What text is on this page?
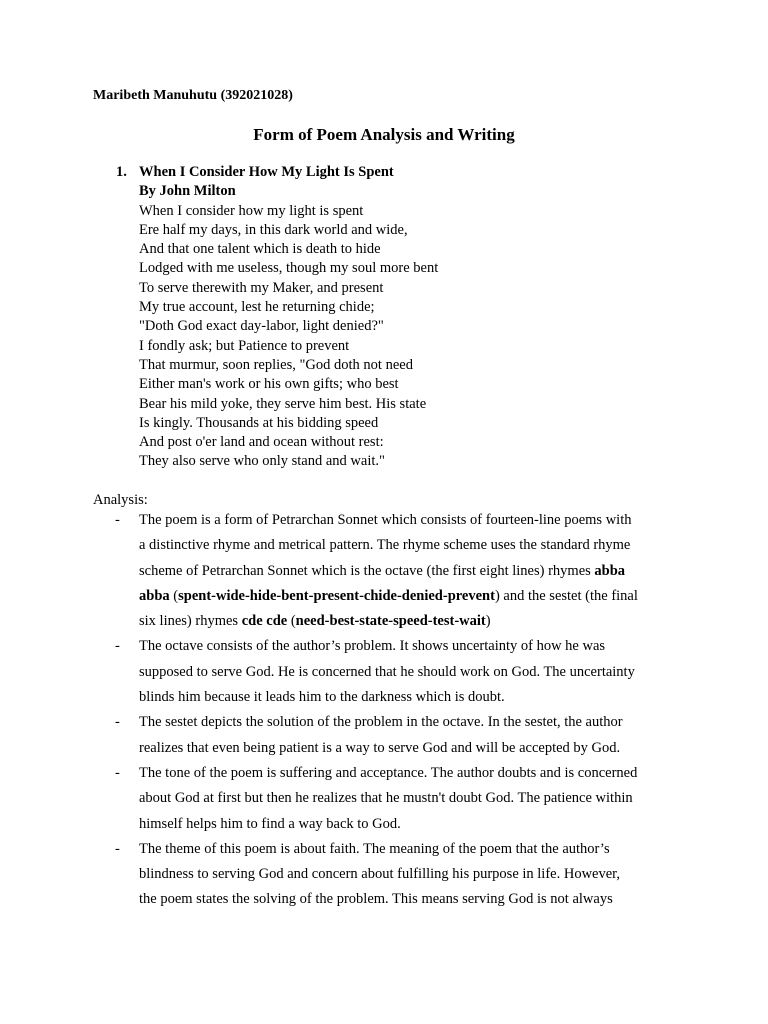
Maribeth Manuhutu (392021028)
Form of Poem Analysis and Writing
1. When I Consider How My Light Is Spent
By John Milton
When I consider how my light is spent
Ere half my days, in this dark world and wide,
And that one talent which is death to hide
Lodged with me useless, though my soul more bent
To serve therewith my Maker, and present
My true account, lest he returning chide;
"Doth God exact day-labor, light denied?"
I fondly ask; but Patience to prevent
That murmur, soon replies, "God doth not need
Either man's work or his own gifts; who best
Bear his mild yoke, they serve him best. His state
Is kingly. Thousands at his bidding speed
And post o'er land and ocean without rest:
They also serve who only stand and wait."
Analysis:
- The poem is a form of Petrarchan Sonnet which consists of fourteen-line poems with
a distinctive rhyme and metrical pattern. The rhyme scheme uses the standard rhyme
scheme of Petrarchan Sonnet which is the octave (the first eight lines) rhymes abba
abba (spent-wide-hide-bent-present-chide-denied-prevent) and the sestet (the final
six lines) rhymes cde cde (need-best-state-speed-test-wait)
- The octave consists of the author’s problem. It shows uncertainty of how he was
supposed to serve God. He is concerned that he should work on God. The uncertainty
blinds him because it leads him to the darkness which is doubt.
- The sestet depicts the solution of the problem in the octave. In the sestet, the author
realizes that even being patient is a way to serve God and will be accepted by God.
- The tone of the poem is suffering and acceptance. The author doubts and is concerned
about God at first but then he realizes that he mustn't doubt God. The patience within
himself helps him to find a way back to God.
- The theme of this poem is about faith. The meaning of the poem that the author’s
blindness to serving God and concern about fulfilling his purpose in life. However,
the poem states the solving of the problem. This means serving God is not always
